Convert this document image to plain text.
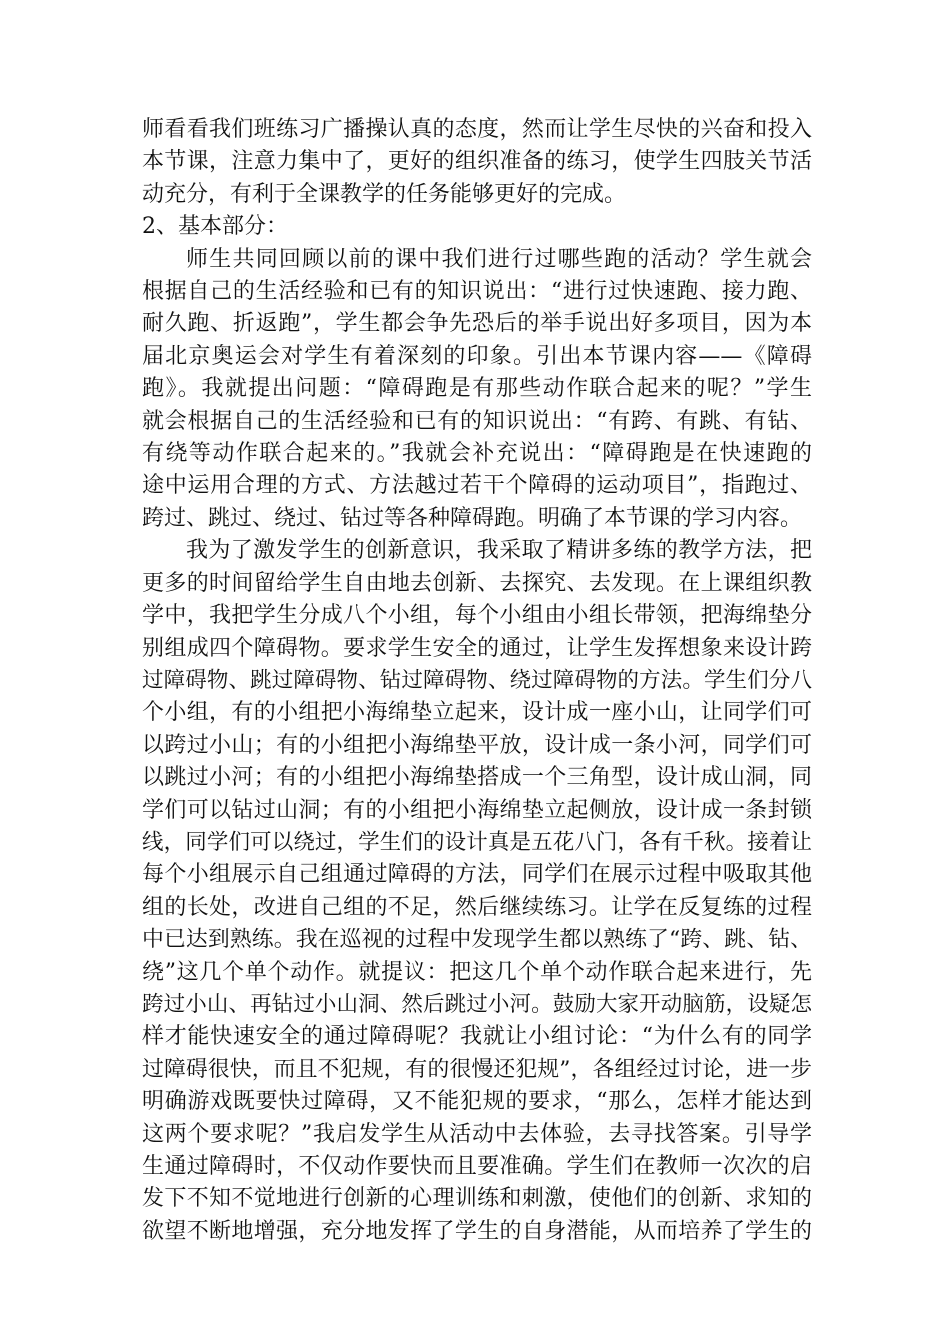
师看看我们班练习广播操认真的态度，然而让学生尽快的兴奋和投入
本节课，注意力集中了，更好的组织准备的练习，使学生四肢关节活
动充分，有利于全课教学的任务能够更好的完成。
2、基本部分：
师生共同回顾以前的课中我们进行过哪些跑的活动？学生就会
根据自己的生活经验和已有的知识说出：“进行过快速跑、接力跑、
耐久跑、折返跑”，学生都会争先恐后的举手说出好多项目，因为本
届北京奥运会对学生有着深刻的印象。引出本节课内容——《障碍
跑》。我就提出问题：“障碍跑是有那些动作联合起来的呢？”学生
就会根据自己的生活经验和已有的知识说出：“有跨、有跳、有钻、
有绕等动作联合起来的。”我就会补充说出：“障碍跑是在快速跑的
途中运用合理的方式、方法越过若干个障碍的运动项目”，指跑过、
跨过、跳过、绕过、钻过等各种障碍跑。明确了本节课的学习内容。
我为了激发学生的创新意识，我采取了精讲多练的教学方法，把
更多的时间留给学生自由地去创新、去探究、去发现。在上课组织教
学中，我把学生分成八个小组，每个小组由小组长带领，把海绵垫分
别组成四个障碍物。要求学生安全的通过，让学生发挥想象来设计跨
过障碍物、跳过障碍物、钻过障碍物、绕过障碍物的方法。学生们分八
个小组，有的小组把小海绵垫立起来，设计成一座小山，让同学们可
以跨过小山；有的小组把小海绵垫平放，设计成一条小河，同学们可
以跳过小河；有的小组把小海绵垫搭成一个三角型，设计成山洞，同
学们可以钻过山洞；有的小组把小海绵垫立起侧放，设计成一条封锁
线，同学们可以绕过，学生们的设计真是五花八门，各有千秋。接着让
每个小组展示自己组通过障碍的方法，同学们在展示过程中吸取其他
组的长处，改进自己组的不足，然后继续练习。让学在反复练的过程
中已达到熟练。我在巡视的过程中发现学生都以熟练了“跨、跳、钻、
绕”这几个单个动作。就提议：把这几个单个动作联合起来进行，先
跨过小山、再钻过小山洞、然后跳过小河。鼓励大家开动脑筋，设疑怎
样才能快速安全的通过障碍呢？我就让小组讨论：“为什么有的同学
过障碍很快，而且不犯规，有的很慢还犯规”，各组经过讨论，进一步
明确游戏既要快过障碍，又不能犯规的要求，“那么，怎样才能达到
这两个要求呢？”我启发学生从活动中去体验，去寻找答案。引导学
生通过障碍时，不仅动作要快而且要准确。学生们在教师一次次的启
发下不知不觉地进行创新的心理训练和刺激，使他们的创新、求知的
欲望不断地增强，充分地发挥了学生的自身潜能，从而培养了学生的
